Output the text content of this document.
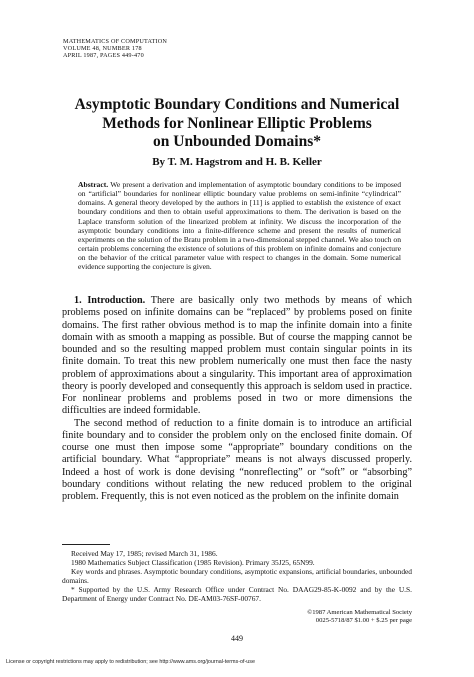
MATHEMATICS OF COMPUTATION
VOLUME 48, NUMBER 178
APRIL 1987, PAGES 449-470
Asymptotic Boundary Conditions and Numerical
Methods for Nonlinear Elliptic Problems
on Unbounded Domains*
By T. M. Hagstrom and H. B. Keller
Abstract. We present a derivation and implementation of asymptotic boundary conditions to be imposed on “artificial” boundaries for nonlinear elliptic boundary value problems on semi-infinite “cylindrical” domains. A general theory developed by the authors in [11] is applied to establish the existence of exact boundary conditions and then to obtain useful approximations to them. The derivation is based on the Laplace transform solution of the linearized problem at infinity. We discuss the incorporation of the asymptotic boundary conditions into a finite-difference scheme and present the results of numerical experiments on the solution of the Bratu problem in a two-dimensional stepped channel. We also touch on certain problems concerning the existence of solutions of this problem on infinite domains and conjecture on the behavior of the critical parameter value with respect to changes in the domain. Some numerical evidence supporting the conjecture is given.

1. Introduction. There are basically only two methods by means of which problems posed on infinite domains can be “replaced” by problems posed on finite domains. The first rather obvious method is to map the infinite domain into a finite domain with as smooth a mapping as possible. But of course the mapping cannot be bounded and so the resulting mapped problem must contain singular points in its finite domain. To treat this new problem numerically one must then face the nasty problem of approximations about a singularity. This important area of approximation theory is poorly developed and consequently this approach is seldom used in practice. For nonlinear problems and problems posed in two or more dimensions the difficulties are indeed formidable.

The second method of reduction to a finite domain is to introduce an artificial finite boundary and to consider the problem only on the enclosed finite domain. Of course one must then impose some “appropriate” boundary conditions on the artificial boundary. What “appropriate” means is not always discussed properly. Indeed a host of work is done devising “nonreflecting” or “soft” or “absorbing” boundary conditions without relating the new reduced problem to the original problem. Frequently, this is not even noticed as the problem on the infinite domain

Received May 17, 1985; revised March 31, 1986.

1980 Mathematics Subject Classification (1985 Revision). Primary 35J25, 65N99.

Key words and phrases. Asymptotic boundary conditions, asymptotic expansions, artificial boundaries, unbounded domains.

* Supported by the U.S. Army Research Office under Contract No. DAAG29-85-K-0092 and by the U.S. Department of Energy under Contract No. DE-AM03-76SF-00767.

©1987 American Mathematical Society
0025-5718/87 $1.00 + $.25 per page
449
License or copyright restrictions may apply to redistribution; see http://www.ams.org/journal-terms-of-use
